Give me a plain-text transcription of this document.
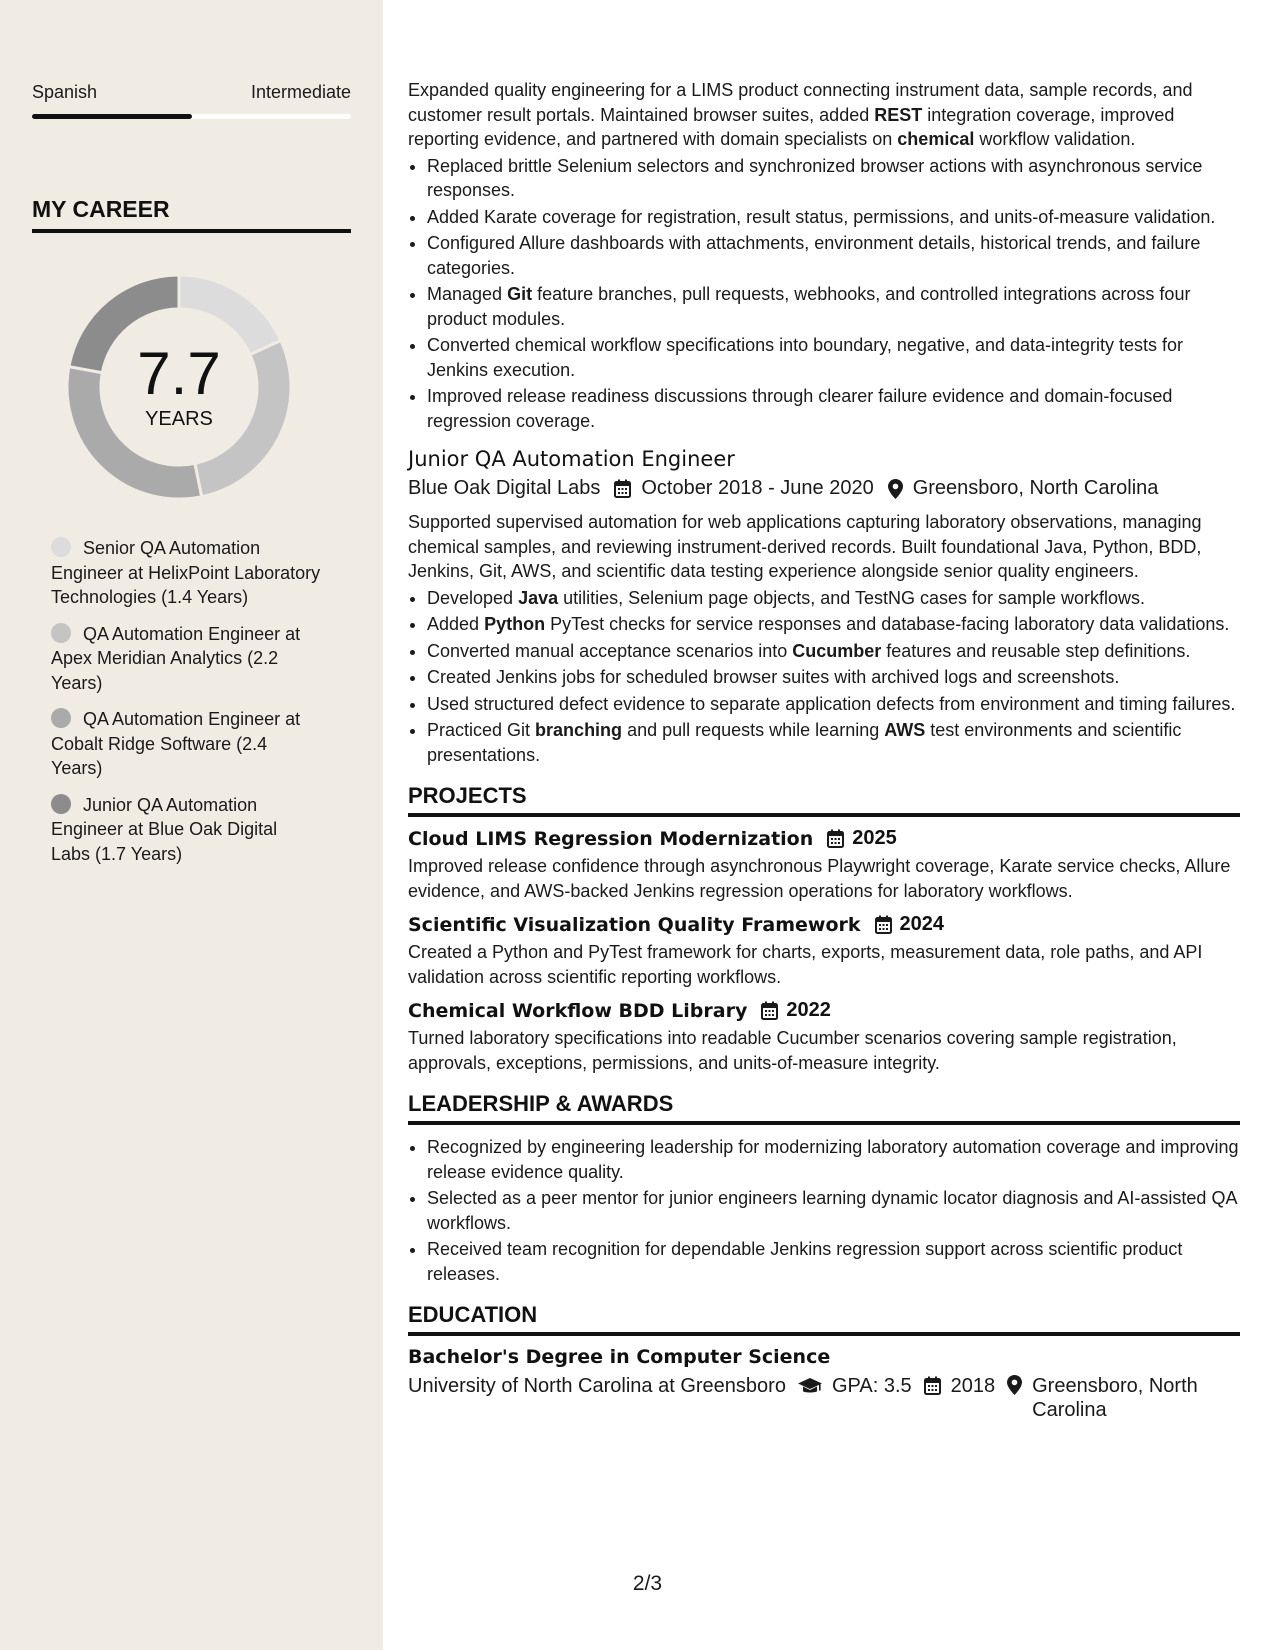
Spanish	Intermediate
MY CAREER
7.7
YEARS
Senior QA Automation Engineer at HelixPoint Laboratory Technologies (1.4 Years)
QA Automation Engineer at Apex Meridian Analytics (2.2 Years)
QA Automation Engineer at Cobalt Ridge Software (2.4 Years)
Junior QA Automation Engineer at Blue Oak Digital Labs (1.7 Years)

Expanded quality engineering for a LIMS product connecting instrument data, sample records, and customer result portals. Maintained browser suites, added REST integration coverage, improved reporting evidence, and partnered with domain specialists on chemical workflow validation.

• Replaced brittle Selenium selectors and synchronized browser actions with asynchronous service responses.
• Added Karate coverage for registration, result status, permissions, and units-of-measure validation.
• Configured Allure dashboards with attachments, environment details, historical trends, and failure categories.
• Managed Git feature branches, pull requests, webhooks, and controlled integrations across four product modules.
• Converted chemical workflow specifications into boundary, negative, and data-integrity tests for Jenkins execution.
• Improved release readiness discussions through clearer failure evidence and domain-focused regression coverage.
Junior QA Automation Engineer
Blue Oak Digital Labs October 2018 - June 2020 Greensboro, North Carolina

Supported supervised automation for web applications capturing laboratory observations, managing chemical samples, and reviewing instrument-derived records. Built foundational Java, Python, BDD, Jenkins, Git, AWS, and scientific data testing experience alongside senior quality engineers.

• Developed Java utilities, Selenium page objects, and TestNG cases for sample workflows.
• Added Python PyTest checks for service responses and database-facing laboratory data validations.
• Converted manual acceptance scenarios into Cucumber features and reusable step definitions.
• Created Jenkins jobs for scheduled browser suites with archived logs and screenshots.
• Used structured defect evidence to separate application defects from environment and timing failures.
• Practiced Git branching and pull requests while learning AWS test environments and scientific presentations.
PROJECTS
Cloud LIMS Regression Modernization 2025

Improved release confidence through asynchronous Playwright coverage, Karate service checks, Allure evidence, and AWS-backed Jenkins regression operations for laboratory workflows.

Scientific Visualization Quality Framework 2024

Created a Python and PyTest framework for charts, exports, measurement data, role paths, and API validation across scientific reporting workflows.

Chemical Workflow BDD Library 2022

Turned laboratory specifications into readable Cucumber scenarios covering sample registration, approvals, exceptions, permissions, and units-of-measure integrity.

LEADERSHIP & AWARDS
• Recognized by engineering leadership for modernizing laboratory automation coverage and improving release evidence quality.
• Selected as a peer mentor for junior engineers learning dynamic locator diagnosis and AI-assisted QA workflows.
• Received team recognition for dependable Jenkins regression support across scientific product releases.
EDUCATION
Bachelor's Degree in Computer Science
University of North Carolina at Greensboro GPA: 3.5 2018 Greensboro, North Carolina
2/3
